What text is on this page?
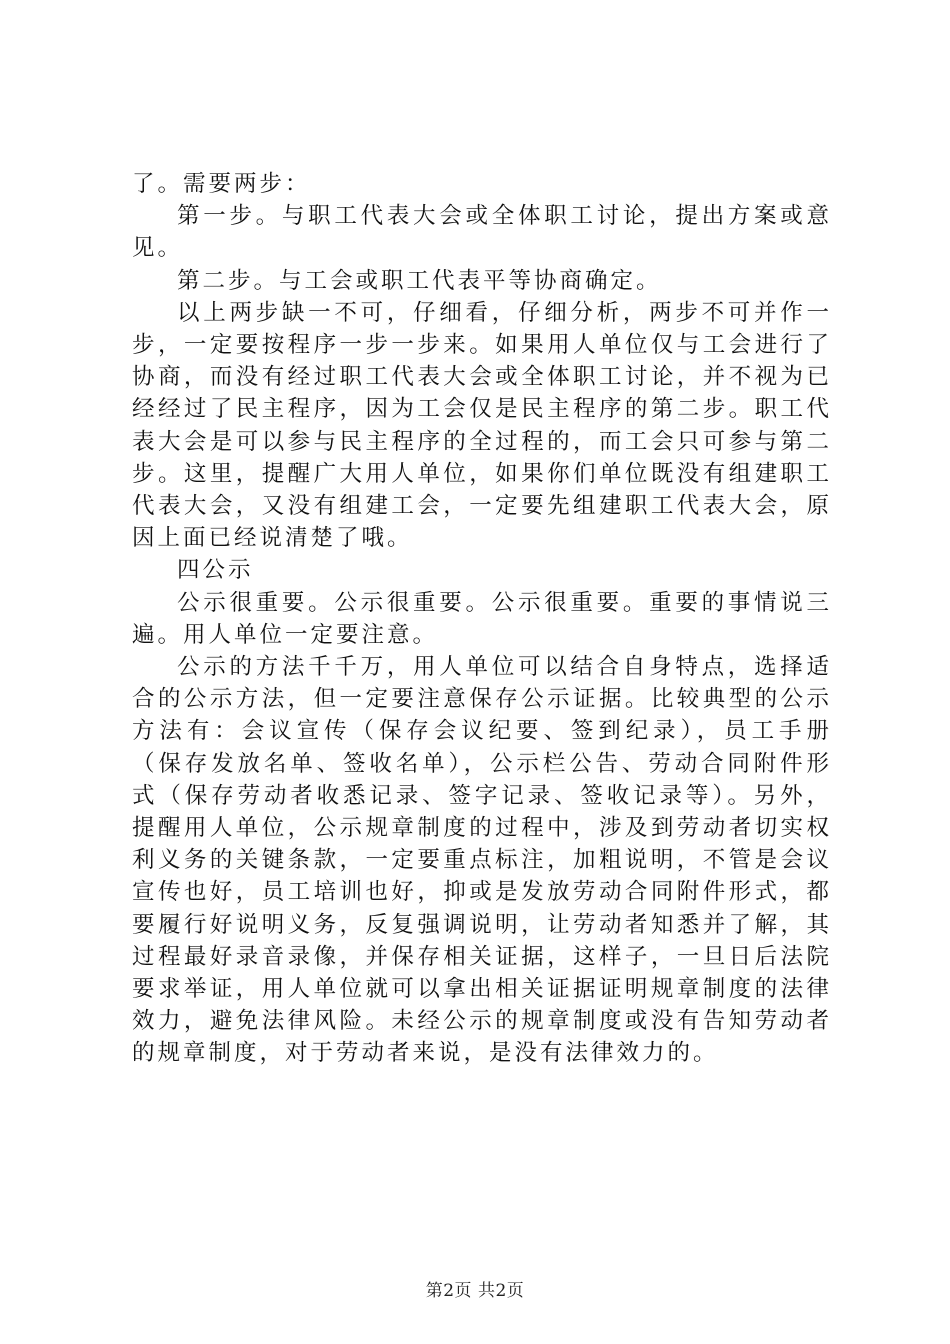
了。需要两步：

第一步。与职工代表大会或全体职工讨论，提出方案或意见。

第二步。与工会或职工代表平等协商确定。

以上两步缺一不可，仔细看，仔细分析，两步不可并作一步，一定要按程序一步一步来。如果用人单位仅与工会进行了协商，而没有经过职工代表大会或全体职工讨论，并不视为已经经过了民主程序，因为工会仅是民主程序的第二步。职工代表大会是可以参与民主程序的全过程的，而工会只可参与第二步。这里，提醒广大用人单位，如果你们单位既没有组建职工代表大会，又没有组建工会，一定要先组建职工代表大会，原因上面已经说清楚了哦。

四公示

公示很重要。公示很重要。公示很重要。重要的事情说三遍。用人单位一定要注意。

公示的方法千千万，用人单位可以结合自身特点，选择适合的公示方法，但一定要注意保存公示证据。比较典型的公示方法有：会议宣传（保存会议纪要、签到纪录），员工手册（保存发放名单、签收名单），公示栏公告、劳动合同附件形式（保存劳动者收悉记录、签字记录、签收记录等）。另外，提醒用人单位，公示规章制度的过程中，涉及到劳动者切实权利义务的关键条款，一定要重点标注，加粗说明，不管是会议宣传也好，员工培训也好，抑或是发放劳动合同附件形式，都要履行好说明义务，反复强调说明，让劳动者知悉并了解，其过程最好录音录像，并保存相关证据，这样子，一旦日后法院要求举证，用人单位就可以拿出相关证据证明规章制度的法律效力，避免法律风险。未经公示的规章制度或没有告知劳动者的规章制度，对于劳动者来说，是没有法律效力的。

第2页 共2页
